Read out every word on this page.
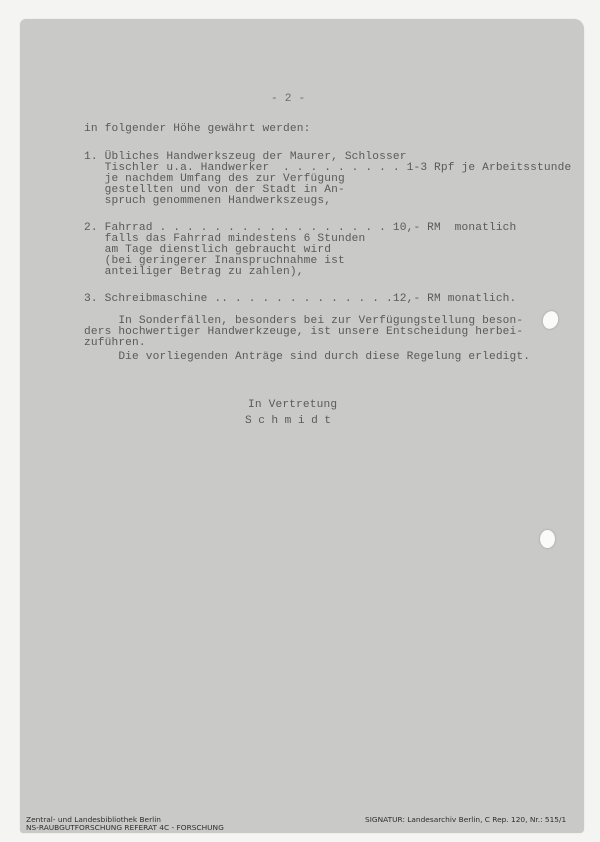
- 2 -
in folgender Höhe gewährt werden:
1. Übliches Handwerkszeug der Maurer, Schlosser
Tischler u.a. Handwerker  . . . . . . . . . 1-3 Rpf je Arbeitsstunde
je nachdem Umfang des zur Verfügung
gestellten und von der Stadt in An-
spruch genommenen Handwerkszeugs,
2. Fahrrad . . . . . . . . . . . . . . . . . 10,- RM  monatlich
falls das Fahrrad mindestens 6 Stunden
am Tage dienstlich gebraucht wird
(bei geringerer Inanspruchnahme ist
anteiliger Betrag zu zahlen),
3. Schreibmaschine .. . . . . . . . . . . . .12,- RM monatlich.
In Sonderfällen, besonders bei zur Verfügungstellung beson-
ders hochwertiger Handwerkzeuge, ist unsere Entscheidung herbei-
zuführen.
Die vorliegenden Anträge sind durch diese Regelung erledigt.
In Vertretung
Schmidt
Zentral- und Landesbibliothek Berlin
NS-RAUBGUTFORSCHUNG REFERAT 4C - FORSCHUNG
SIGNATUR: Landesarchiv Berlin, C Rep. 120, Nr.: 515/1
